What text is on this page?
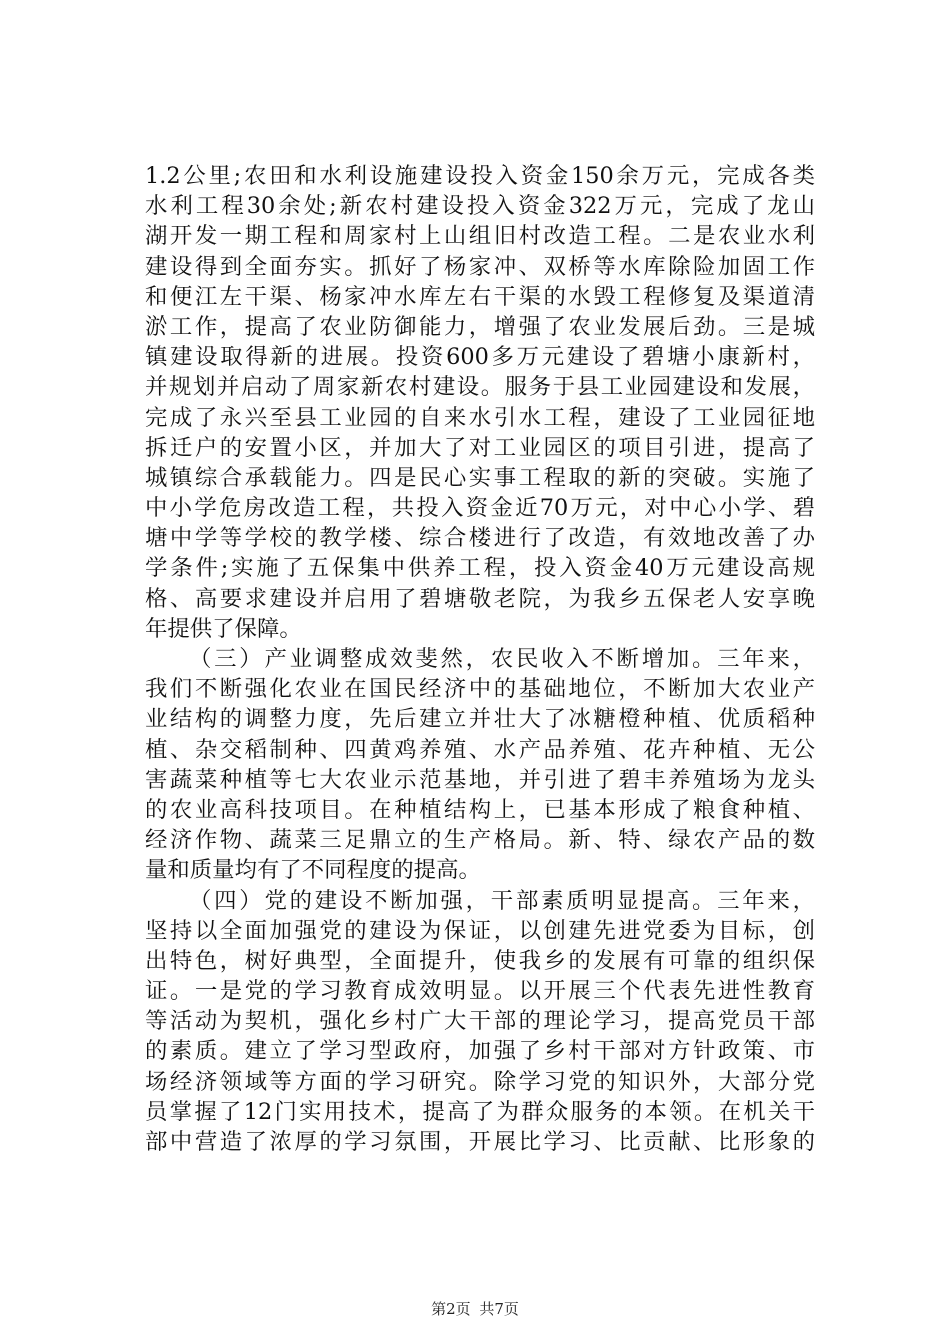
1.2公里;农田和水利设施建设投入资金150余万元，完成各类
水利工程30余处;新农村建设投入资金322万元，完成了龙山
湖开发一期工程和周家村上山组旧村改造工程。二是农业水利
建设得到全面夯实。抓好了杨家冲、双桥等水库除险加固工作
和便江左干渠、杨家冲水库左右干渠的水毁工程修复及渠道清
淤工作，提高了农业防御能力，增强了农业发展后劲。三是城
镇建设取得新的进展。投资600多万元建设了碧塘小康新村，
并规划并启动了周家新农村建设。服务于县工业园建设和发展，
完成了永兴至县工业园的自来水引水工程，建设了工业园征地
拆迁户的安置小区，并加大了对工业园区的项目引进，提高了
城镇综合承载能力。四是民心实事工程取的新的突破。实施了
中小学危房改造工程，共投入资金近70万元，对中心小学、碧
塘中学等学校的教学楼、综合楼进行了改造，有效地改善了办
学条件;实施了五保集中供养工程，投入资金40万元建设高规
格、高要求建设并启用了碧塘敬老院，为我乡五保老人安享晚
年提供了保障。
（三）产业调整成效斐然，农民收入不断增加。三年来，
我们不断强化农业在国民经济中的基础地位，不断加大农业产
业结构的调整力度，先后建立并壮大了冰糖橙种植、优质稻种
植、杂交稻制种、四黄鸡养殖、水产品养殖、花卉种植、无公
害蔬菜种植等七大农业示范基地，并引进了碧丰养殖场为龙头
的农业高科技项目。在种植结构上，已基本形成了粮食种植、
经济作物、蔬菜三足鼎立的生产格局。新、特、绿农产品的数
量和质量均有了不同程度的提高。
（四）党的建设不断加强，干部素质明显提高。三年来，
坚持以全面加强党的建设为保证，以创建先进党委为目标，创
出特色，树好典型，全面提升，使我乡的发展有可靠的组织保
证。一是党的学习教育成效明显。以开展三个代表先进性教育
等活动为契机，强化乡村广大干部的理论学习，提高党员干部
的素质。建立了学习型政府，加强了乡村干部对方针政策、市
场经济领域等方面的学习研究。除学习党的知识外，大部分党
员掌握了12门实用技术，提高了为群众服务的本领。在机关干
部中营造了浓厚的学习氛围，开展比学习、比贡献、比形象的
第2页 共7页
